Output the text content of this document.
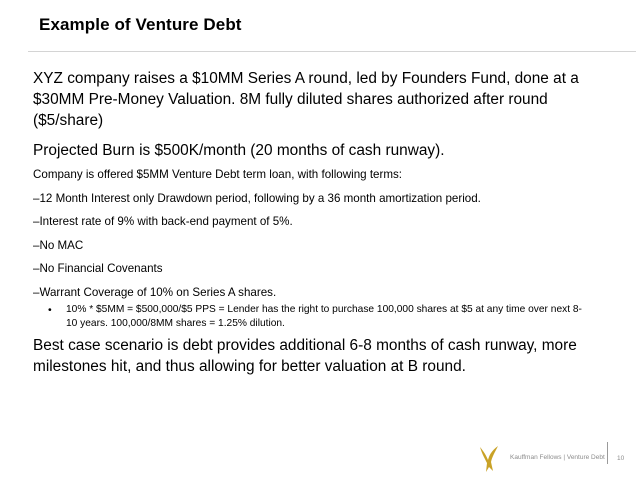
Example of Venture Debt

XYZ company raises a $10MM Series A round, led by Founders Fund, done at a $30MM Pre-Money Valuation. 8M fully diluted shares authorized after round ($5/share)

Projected Burn is $500K/month (20 months of cash runway).

Company is offered $5MM Venture Debt term loan, with following terms:

–12 Month Interest only Drawdown period, following by a 36 month amortization period.

–Interest rate of 9% with back-end payment of 5%.

–No MAC

–No Financial Covenants

–Warrant Coverage of 10% on Series A shares.

• 10% * $5MM = $500,000/$5 PPS = Lender has the right to purchase 100,000 shares at $5 at any time over next 8-10 years. 100,000/8MM shares = 1.25% dilution.

Best case scenario is debt provides additional 6-8 months of cash runway, more milestones hit, and thus allowing for better valuation at B round.

Kauffman Fellows | Venture Debt 10
